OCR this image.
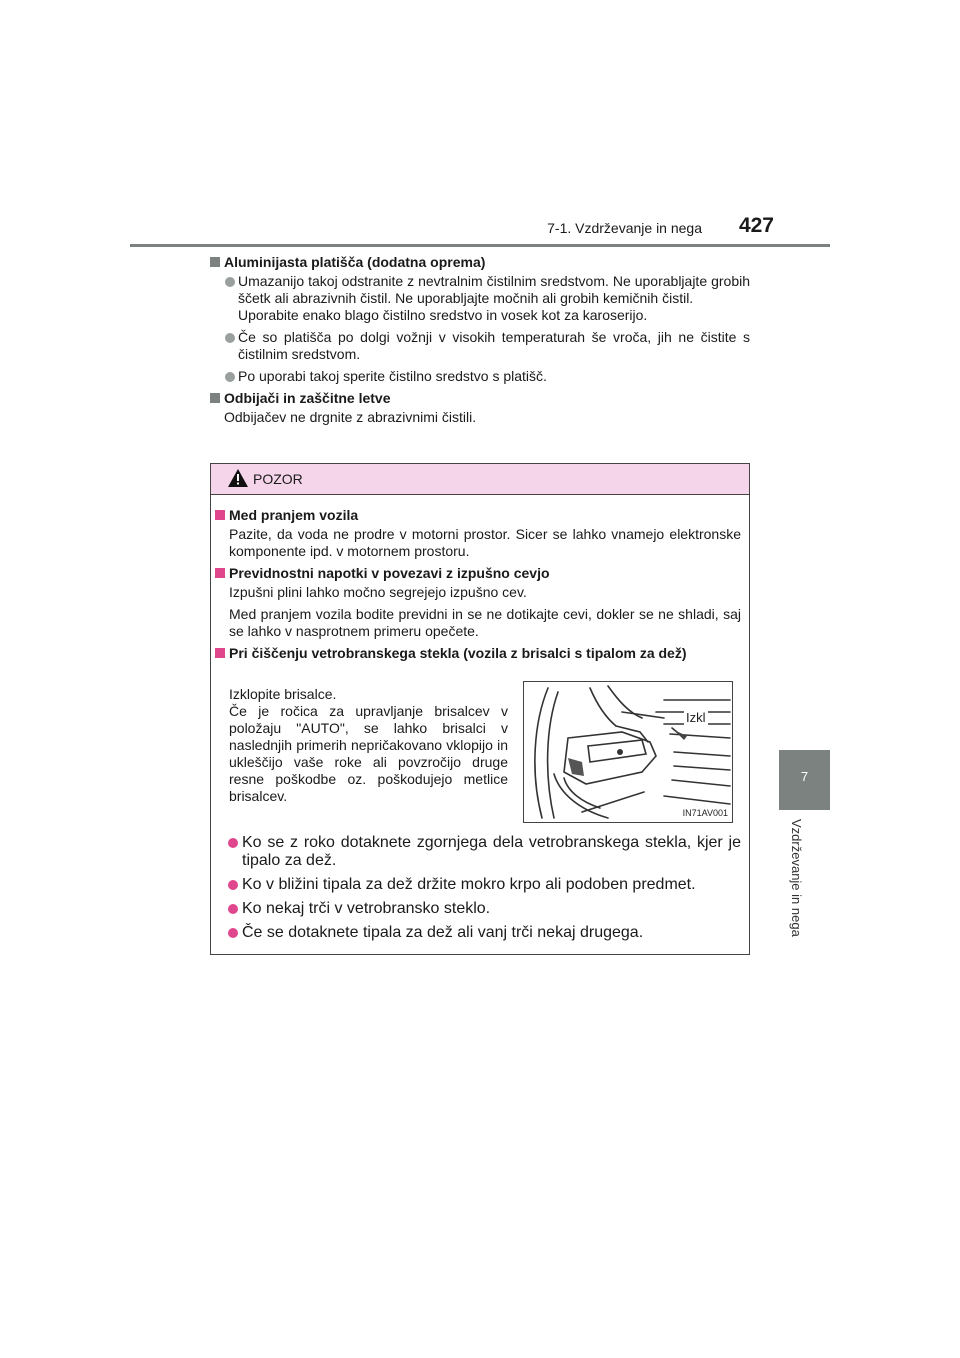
7-1. Vzdrževanje in nega 427
7
Vzdrževanje in nega
Aluminijasta platišča (dodatna oprema)
Umazanijo takoj odstranite z nevtralnim čistilnim sredstvom. Ne uporabljajte grobih ščetk ali abrazivnih čistil. Ne uporabljajte močnih ali grobih kemičnih čistil.
Uporabite enako blago čistilno sredstvo in vosek kot za karoserijo.
Če so platišča po dolgi vožnji v visokih temperaturah še vroča, jih ne čistite s čistilnim sredstvom.
Po uporabi takoj sperite čistilno sredstvo s platišč.
Odbijači in zaščitne letve
Odbijačev ne drgnite z abrazivnimi čistili.
POZOR
Med pranjem vozila
Pazite, da voda ne prodre v motorni prostor. Sicer se lahko vnamejo elektronske komponente ipd. v motornem prostoru.
Previdnostni napotki v povezavi z izpušno cevjo
Izpušni plini lahko močno segrejejo izpušno cev.
Med pranjem vozila bodite previdni in se ne dotikajte cevi, dokler se ne shladi, saj se lahko v nasprotnem primeru opečete.
Pri čiščenju vetrobranskega stekla (vozila z brisalci s tipalom za dež)
Izklopite brisalce.
Če je ročica za upravljanje brisalcev v položaju "AUTO", se lahko brisalci v naslednjih primerih nepričakovano vklopijo in ukleščijo vaše roke ali povzročijo druge resne poškodbe oz. poškodujejo metlice brisalcev.
Izkl
IN71AV001
Ko se z roko dotaknete zgornjega dela vetrobranskega stekla, kjer je tipalo za dež.
Ko v bližini tipala za dež držite mokro krpo ali podoben predmet.
Ko nekaj trči v vetrobransko steklo.
Če se dotaknete tipala za dež ali vanj trči nekaj drugega.
